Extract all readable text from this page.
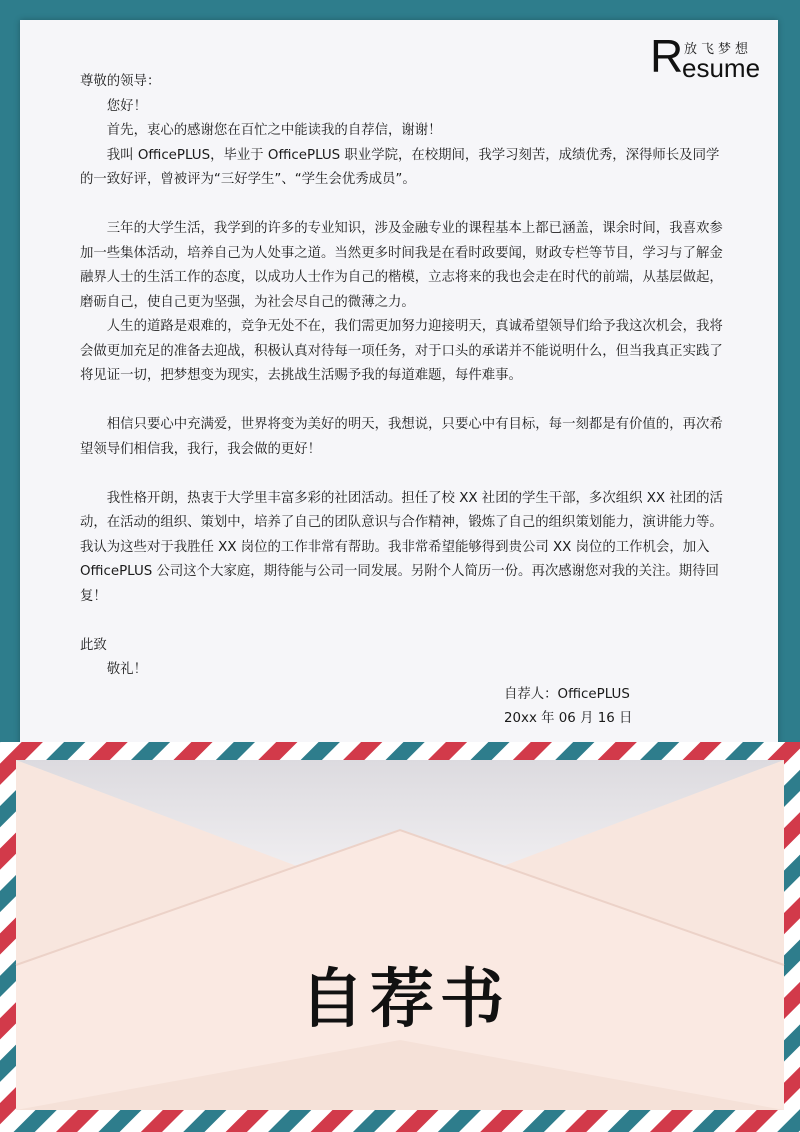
R 放飞梦想
esume

尊敬的领导：

您好！

首先，衷心的感谢您在百忙之中能读我的自荐信，谢谢！

我叫 OfficePLUS，毕业于 OfficePLUS 职业学院，在校期间，我学习刻苦，成绩优秀，深得师长及同学的一致好评，曾被评为“三好学生”、“学生会优秀成员”。

三年的大学生活，我学到的许多的专业知识，涉及金融专业的课程基本上都已涵盖，课余时间，我喜欢参加一些集体活动，培养自己为人处事之道。当然更多时间我是在看时政要闻，财政专栏等节目，学习与了解金融界人士的生活工作的态度，以成功人士作为自己的楷模，立志将来的我也会走在时代的前端，从基层做起，磨砺自己，使自己更为坚强，为社会尽自己的微薄之力。

人生的道路是艰难的，竞争无处不在，我们需更加努力迎接明天，真诚希望领导们给予我这次机会，我将会做更加充足的准备去迎战，积极认真对待每一项任务，对于口头的承诺并不能说明什么，但当我真正实践了将见证一切，把梦想变为现实，去挑战生活赐予我的每道难题，每件难事。

相信只要心中充满爱，世界将变为美好的明天，我想说，只要心中有目标，每一刻都是有价值的，再次希望领导们相信我，我行，我会做的更好！

我性格开朗，热衷于大学里丰富多彩的社团活动。担任了校 XX 社团的学生干部，多次组织 XX 社团的活动，在活动的组织、策划中，培养了自己的团队意识与合作精神，锻炼了自己的组织策划能力，演讲能力等。我认为这些对于我胜任 XX 岗位的工作非常有帮助。我非常希望能够得到贵公司 XX 岗位的工作机会，加入 OfficePLUS 公司这个大家庭，期待能与公司一同发展。另附个人简历一份。再次感谢您对我的关注。期待回复！

此致

敬礼！

自荐人：OfficePLUS

20xx 年 06 月 16 日

自荐书
